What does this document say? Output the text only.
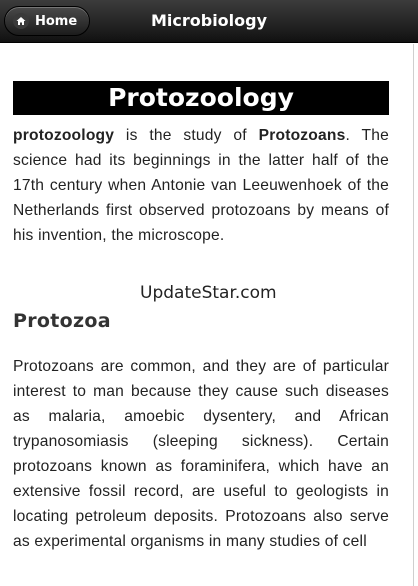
Home	Microbiology
Protozoology

protozoology is the study of Protozoans. The science had its beginnings in the latter half of the 17th century when Antonie van Leeuwenhoek of the Netherlands first observed protozoans by means of his invention, the microscope.

UpdateStar.com
Protozoa

Protozoans are common, and they are of particular interest to man because they cause such diseases as malaria, amoebic dysentery, and African trypanosomiasis (sleeping sickness). Certain protozoans known as foraminifera, which have an extensive fossil record, are useful to geologists in locating petroleum deposits. Protozoans also serve as experimental organisms in many studies of cell
